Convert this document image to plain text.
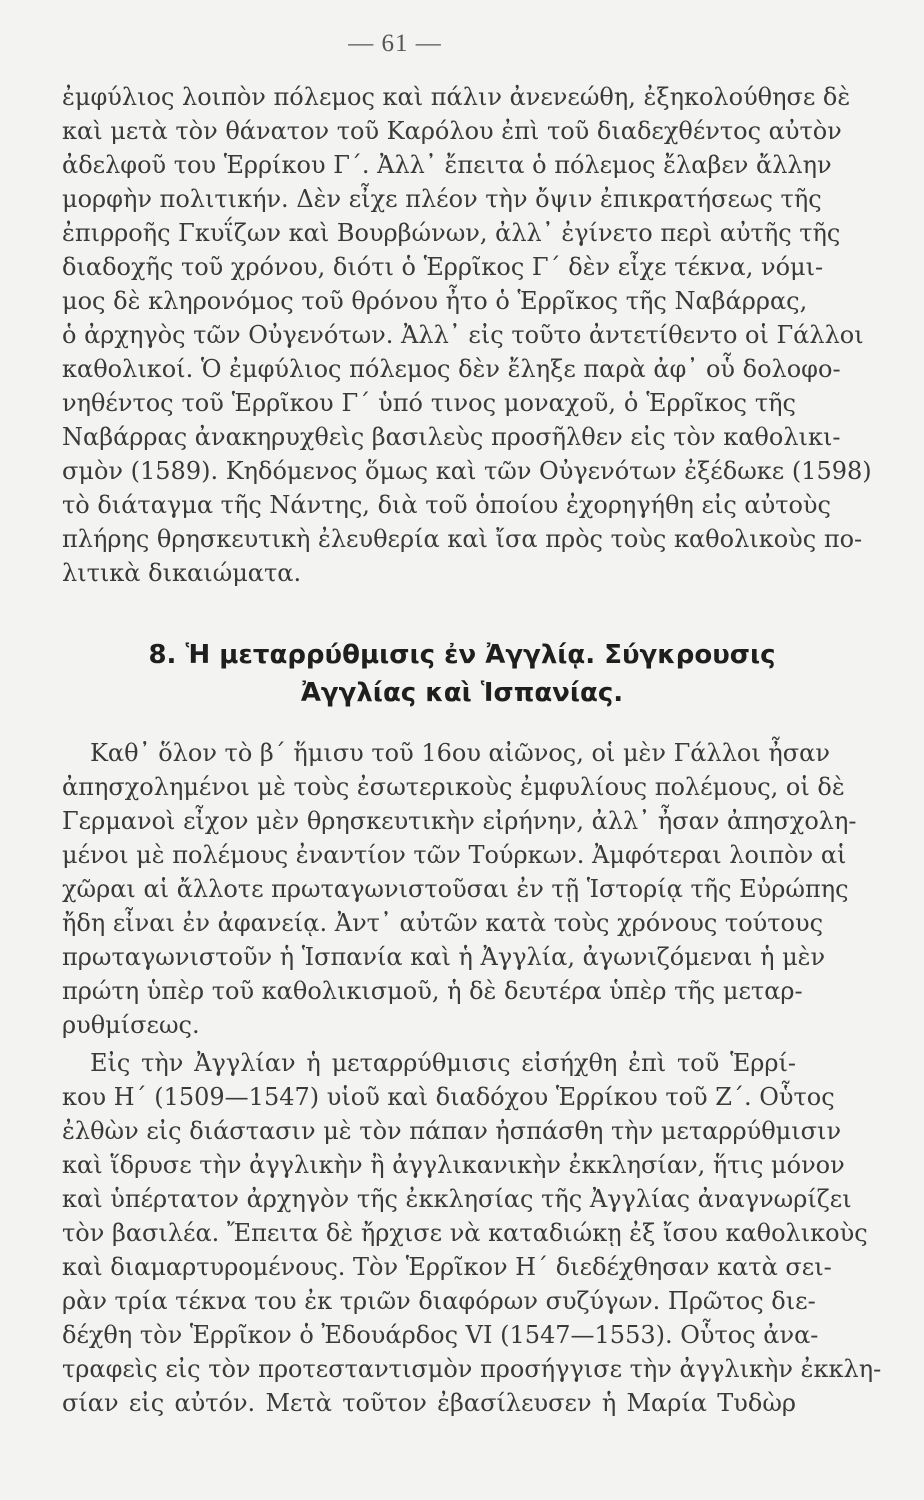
— 61 —
ἐμφύλιος λοιπὸν πόλεμος καὶ πάλιν ἀνενεώθη, ἐξηκολούθησε δὲ
καὶ μετὰ τὸν θάνατον τοῦ Καρόλου ἐπὶ τοῦ διαδεχθέντος αὐτὸν
ἀδελφοῦ του Ἑρρίκου Γ΄. Ἀλλ᾽ ἔπειτα ὁ πόλεμος ἔλαβεν ἄλλην
μορφὴν πολιτικήν. Δὲν εἶχε πλέον τὴν ὄψιν ἐπικρατήσεως τῆς
ἐπιρροῆς Γκυΐζων καὶ Βουρβώνων, ἀλλ᾽ ἐγίνετο περὶ αὐτῆς τῆς
διαδοχῆς τοῦ χρόνου, διότι ὁ Ἑρρῖκος Γ΄ δὲν εἶχε τέκνα, νόμι-
μος δὲ κληρονόμος τοῦ θρόνου ἦτο ὁ Ἑρρῖκος τῆς Ναβάρρας,
ὁ ἀρχηγὸς τῶν Οὐγενότων. Ἀλλ᾽ εἰς τοῦτο ἀντετίθεντο οἱ Γάλλοι
καθολικοί. Ὁ ἐμφύλιος πόλεμος δὲν ἔληξε παρὰ ἀφ᾽ οὗ δολοφο-
νηθέντος τοῦ Ἑρρῖκου Γ΄ ὑπό τινος μοναχοῦ, ὁ Ἑρρῖκος τῆς
Ναβάρρας ἀνακηρυχθεὶς βασιλεὺς προσῆλθεν εἰς τὸν καθολικι-
σμὸν (1589). Κηδόμενος ὅμως καὶ τῶν Οὐγενότων ἐξέδωκε (1598)
τὸ διάταγμα τῆς Νάντης, διὰ τοῦ ὁποίου ἐχορηγήθη εἰς αὐτοὺς
πλήρης θρησκευτικὴ ἐλευθερία καὶ ἴσα πρὸς τοὺς καθολικοὺς πο-
λιτικὰ δικαιώματα.
8. Ἡ μεταρρύθμισις ἐν Ἀγγλίᾳ. Σύγκρουσις
Ἀγγλίας καὶ Ἱσπανίας.
Καθ᾽ ὅλον τὸ β΄ ἥμισυ τοῦ 16ου αἰῶνος, οἱ μὲν Γάλλοι ἦσαν
ἀπησχολημένοι μὲ τοὺς ἐσωτερικοὺς ἐμφυλίους πολέμους, οἱ δὲ
Γερμανοὶ εἶχον μὲν θρησκευτικὴν εἰρήνην, ἀλλ᾽ ἦσαν ἀπησχολη-
μένοι μὲ πολέμους ἐναντίον τῶν Τούρκων. Ἀμφότεραι λοιπὸν αἱ
χῶραι αἱ ἄλλοτε πρωταγωνιστοῦσαι ἐν τῇ Ἱστορίᾳ τῆς Εὐρώπης
ἤδη εἶναι ἐν ἀφανείᾳ. Ἀντ᾽ αὐτῶν κατὰ τοὺς χρόνους τούτους
πρωταγωνιστοῦν ἡ Ἱσπανία καὶ ἡ Ἀγγλία, ἀγωνιζόμεναι ἡ μὲν
πρώτη ὑπὲρ τοῦ καθολικισμοῦ, ἡ δὲ δευτέρα ὑπὲρ τῆς μεταρ-
ρυθμίσεως.
Εἰς τὴν Ἀγγλίαν ἡ μεταρρύθμισις εἰσήχθη ἐπὶ τοῦ Ἑρρί-
κου Η΄ (1509—1547) υἱοῦ καὶ διαδόχου Ἑρρίκου τοῦ Ζ΄. Οὗτος
ἐλθὼν εἰς διάστασιν μὲ τὸν πάπαν ἠσπάσθη τὴν μεταρρύθμισιν
καὶ ἵδρυσε τὴν ἀγγλικὴν ἢ ἀγγλικανικὴν ἐκκλησίαν, ἥτις μόνον
καὶ ὑπέρτατον ἀρχηγὸν τῆς ἐκκλησίας τῆς Ἀγγλίας ἀναγνωρίζει
τὸν βασιλέα. Ἔπειτα δὲ ἤρχισε νὰ καταδιώκῃ ἐξ ἴσου καθολικοὺς
καὶ διαμαρτυρομένους. Τὸν Ἑρρῖκον Η΄ διεδέχθησαν κατὰ σει-
ρὰν τρία τέκνα του ἐκ τριῶν διαφόρων συζύγων. Πρῶτος διε-
δέχθη τὸν Ἑρρῖκον ὁ Ἐδουάρδος VI (1547—1553). Οὗτος ἀνα-
τραφεὶς εἰς τὸν προτεσταντισμὸν προσήγγισε τὴν ἀγγλικὴν ἐκκλη-
σίαν εἰς αὐτόν. Μετὰ τοῦτον ἐβασίλευσεν ἡ Μαρία Τυδὼρ
